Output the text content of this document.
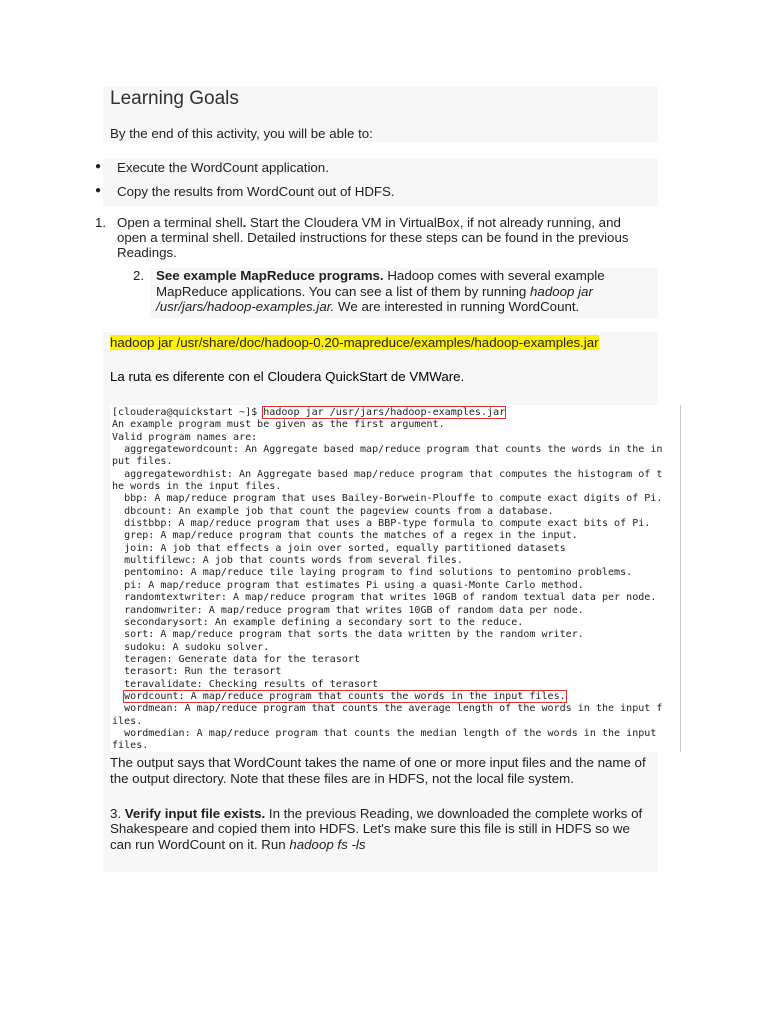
Learning Goals
By the end of this activity, you will be able to:
● Execute the WordCount application.
● Copy the results from WordCount out of HDFS.
1. Open a terminal shell. Start the Cloudera VM in VirtualBox, if not already running, and
open a terminal shell. Detailed instructions for these steps can be found in the previous
Readings.
2. See example MapReduce programs. Hadoop comes with several example
MapReduce applications. You can see a list of them by running hadoop jar
/usr/jars/hadoop-examples.jar. We are interested in running WordCount.
hadoop jar /usr/share/doc/hadoop-0.20-mapreduce/examples/hadoop-examples.jar
La ruta es diferente con el Cloudera QuickStart de VMWare.
[cloudera@quickstart ~]$ hadoop jar /usr/jars/hadoop-examples.jar
An example program must be given as the first argument.
Valid program names are:
aggregatewordcount: An Aggregate based map/reduce program that counts the words in the in
put files.
aggregatewordhist: An Aggregate based map/reduce program that computes the histogram of t
he words in the input files.
bbp: A map/reduce program that uses Bailey-Borwein-Plouffe to compute exact digits of Pi.
dbcount: An example job that count the pageview counts from a database.
distbbp: A map/reduce program that uses a BBP-type formula to compute exact bits of Pi.
grep: A map/reduce program that counts the matches of a regex in the input.
join: A job that effects a join over sorted, equally partitioned datasets
multifilewc: A job that counts words from several files.
pentomino: A map/reduce tile laying program to find solutions to pentomino problems.
pi: A map/reduce program that estimates Pi using a quasi-Monte Carlo method.
randomtextwriter: A map/reduce program that writes 10GB of random textual data per node.
randomwriter: A map/reduce program that writes 10GB of random data per node.
secondarysort: An example defining a secondary sort to the reduce.
sort: A map/reduce program that sorts the data written by the random writer.
sudoku: A sudoku solver.
teragen: Generate data for the terasort
terasort: Run the terasort
teravalidate: Checking results of terasort
wordcount: A map/reduce program that counts the words in the input files.
wordmean: A map/reduce program that counts the average length of the words in the input f
iles.
wordmedian: A map/reduce program that counts the median length of the words in the input
files.
The output says that WordCount takes the name of one or more input files and the name of
the output directory. Note that these files are in HDFS, not the local file system.
3. Verify input file exists. In the previous Reading, we downloaded the complete works of
Shakespeare and copied them into HDFS. Let's make sure this file is still in HDFS so we
can run WordCount on it. Run hadoop fs -ls
